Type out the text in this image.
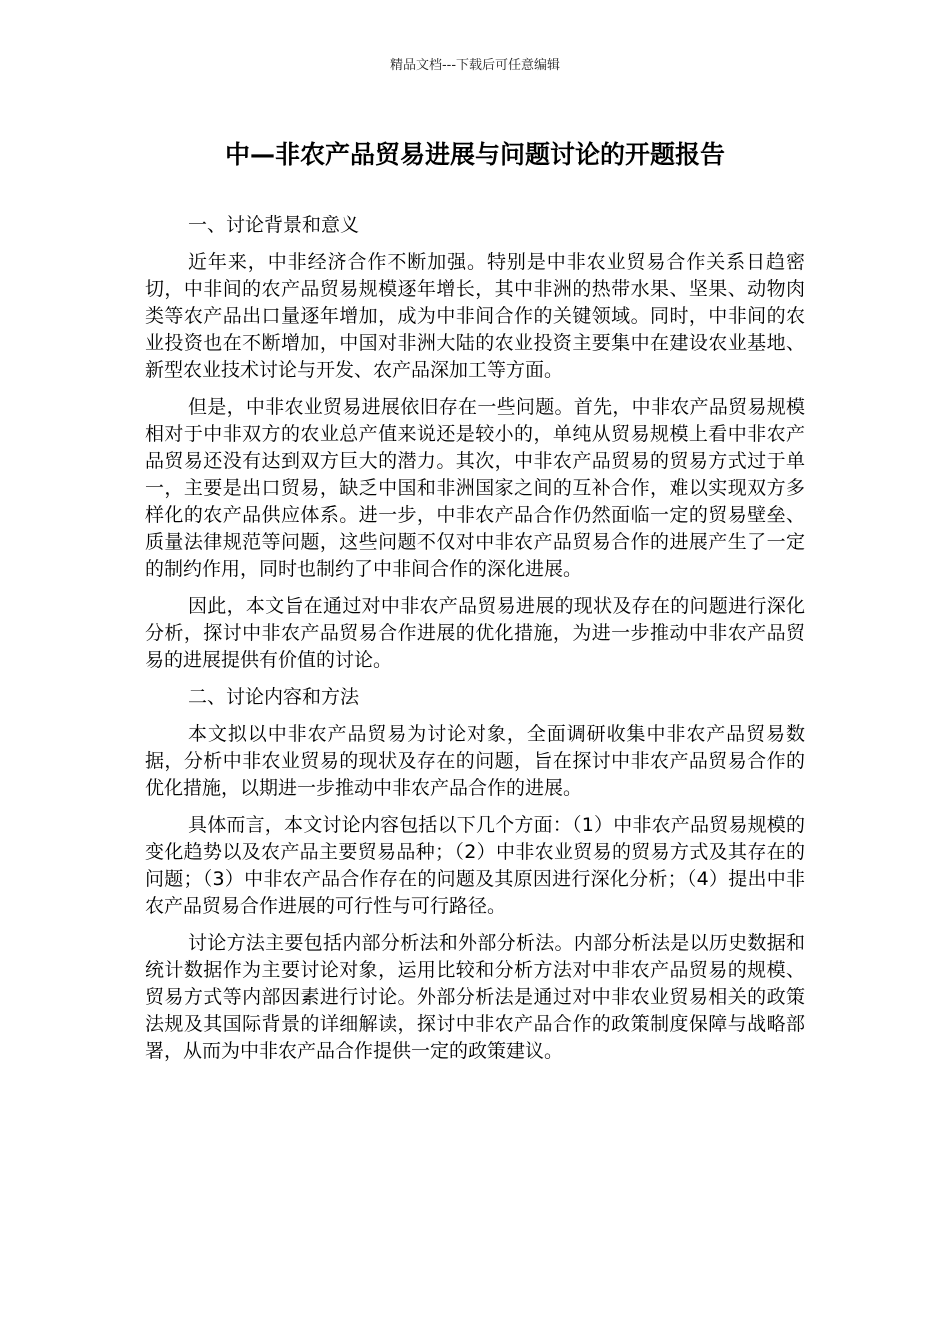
精品文档---下载后可任意编辑
中—非农产品贸易进展与问题讨论的开题报告

一、讨论背景和意义

近年来，中非经济合作不断加强。特别是中非农业贸易合作关系日趋密切，中非间的农产品贸易规模逐年增长，其中非洲的热带水果、坚果、动物肉类等农产品出口量逐年增加，成为中非间合作的关键领域。同时，中非间的农业投资也在不断增加，中国对非洲大陆的农业投资主要集中在建设农业基地、新型农业技术讨论与开发、农产品深加工等方面。

但是，中非农业贸易进展依旧存在一些问题。首先，中非农产品贸易规模相对于中非双方的农业总产值来说还是较小的，单纯从贸易规模上看中非农产品贸易还没有达到双方巨大的潜力。其次，中非农产品贸易的贸易方式过于单一，主要是出口贸易，缺乏中国和非洲国家之间的互补合作，难以实现双方多样化的农产品供应体系。进一步，中非农产品合作仍然面临一定的贸易壁垒、质量法律规范等问题，这些问题不仅对中非农产品贸易合作的进展产生了一定的制约作用，同时也制约了中非间合作的深化进展。

因此，本文旨在通过对中非农产品贸易进展的现状及存在的问题进行深化分析，探讨中非农产品贸易合作进展的优化措施，为进一步推动中非农产品贸易的进展提供有价值的讨论。

二、讨论内容和方法

本文拟以中非农产品贸易为讨论对象，全面调研收集中非农产品贸易数据，分析中非农业贸易的现状及存在的问题，旨在探讨中非农产品贸易合作的优化措施，以期进一步推动中非农产品合作的进展。

具体而言，本文讨论内容包括以下几个方面：（1）中非农产品贸易规模的变化趋势以及农产品主要贸易品种；（2）中非农业贸易的贸易方式及其存在的问题；（3）中非农产品合作存在的问题及其原因进行深化分析；（4）提出中非农产品贸易合作进展的可行性与可行路径。

讨论方法主要包括内部分析法和外部分析法。内部分析法是以历史数据和统计数据作为主要讨论对象，运用比较和分析方法对中非农产品贸易的规模、贸易方式等内部因素进行讨论。外部分析法是通过对中非农业贸易相关的政策法规及其国际背景的详细解读，探讨中非农产品合作的政策制度保障与战略部署，从而为中非农产品合作提供一定的政策建议。
